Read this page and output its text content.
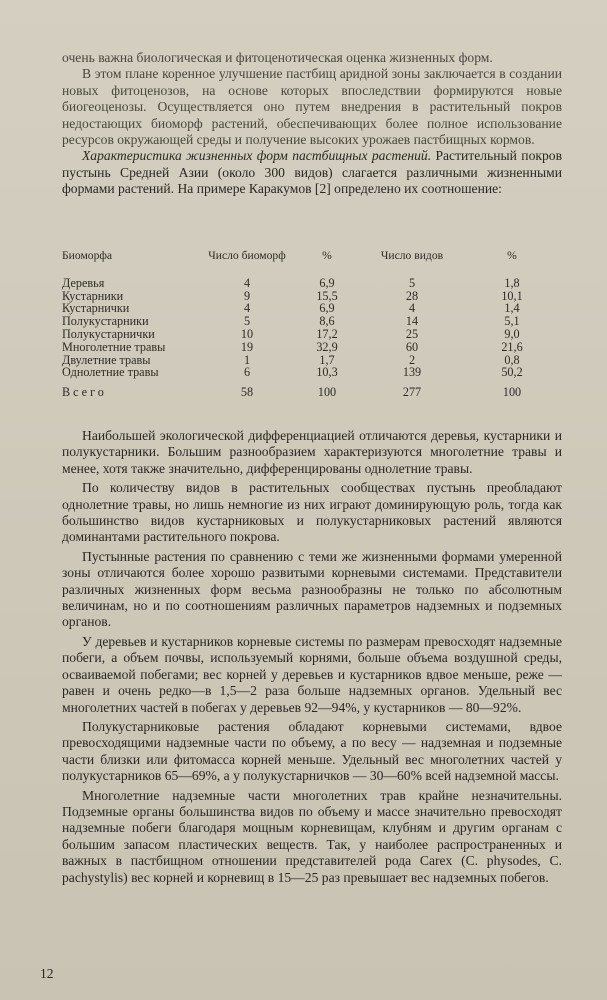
очень важна биологическая и фитоценотическая оценка жизненных форм.

В этом плане коренное улучшение пастбищ аридной зоны заключается в создании новых фитоценозов, на основе которых впоследствии формируются новые биогеоценозы. Осуществляется оно путем внедрения в растительный покров недостающих биоморф растений, обеспечивающих более полное использование ресурсов окружающей среды и получение высоких урожаев пастбищных кормов.

Характеристика жизненных форм пастбищных растений. Растительный покров пустынь Средней Азии (около 300 видов) слагается различными жизненными формами растений. На примере Каракумов [2] определено их соотношение:

Биоморфа	Число биоморф	%	Число видов	%
Деревья	4	6,9	5	1,8
Кустарники	9	15,5	28	10,1
Кустарнички	4	6,9	4	1,4
Полукустарники	5	8,6	14	5,1
Полукустарнички	10	17,2	25	9,0
Многолетние травы	19	32,9	60	21,6
Двулетние травы	1	1,7	2	0,8
Однолетние травы	6	10,3	139	50,2
Всего	58	100	277	100

Наибольшей экологической дифференциацией отличаются деревья, кустарники и полукустарники. Большим разнообразием характеризуются многолетние травы и менее, хотя также значительно, дифференцированы однолетние травы.

По количеству видов в растительных сообществах пустынь преобладают однолетние травы, но лишь немногие из них играют доминирующую роль, тогда как большинство видов кустарниковых и полукустарниковых растений являются доминантами растительного покрова.

Пустынные растения по сравнению с теми же жизненными формами умеренной зоны отличаются более хорошо развитыми корневыми системами. Представители различных жизненных форм весьма разнообразны не только по абсолютным величинам, но и по соотношениям различных параметров надземных и подземных органов.

У деревьев и кустарников корневые системы по размерам превосходят надземные побеги, а объем почвы, используемый корнями, больше объема воздушной среды, осваиваемой побегами; вес корней у деревьев и кустарников вдвое меньше, реже — равен и очень редко—в 1,5—2 раза больше надземных органов. Удельный вес многолетних частей в побегах у деревьев 92—94%, у кустарников — 80—92%.

Полукустарниковые растения обладают корневыми системами, вдвое превосходящими надземные части по объему, а по весу — надземная и подземные части близки или фитомасса корней меньше. Удельный вес многолетних частей у полукустарников 65—69%, а у полукустарничков — 30—60% всей надземной массы.

Многолетние надземные части многолетних трав крайне незначительны. Подземные органы большинства видов по объему и массе значительно превосходят надземные побеги благодаря мощным корневищам, клубням и другим органам с большим запасом пластических веществ. Так, у наиболее распространенных и важных в пастбищном отношении представителей рода Carex (C. physodes, C. pachystylis) вес корней и корневищ в 15—25 раз превышает вес надземных побегов.

12
